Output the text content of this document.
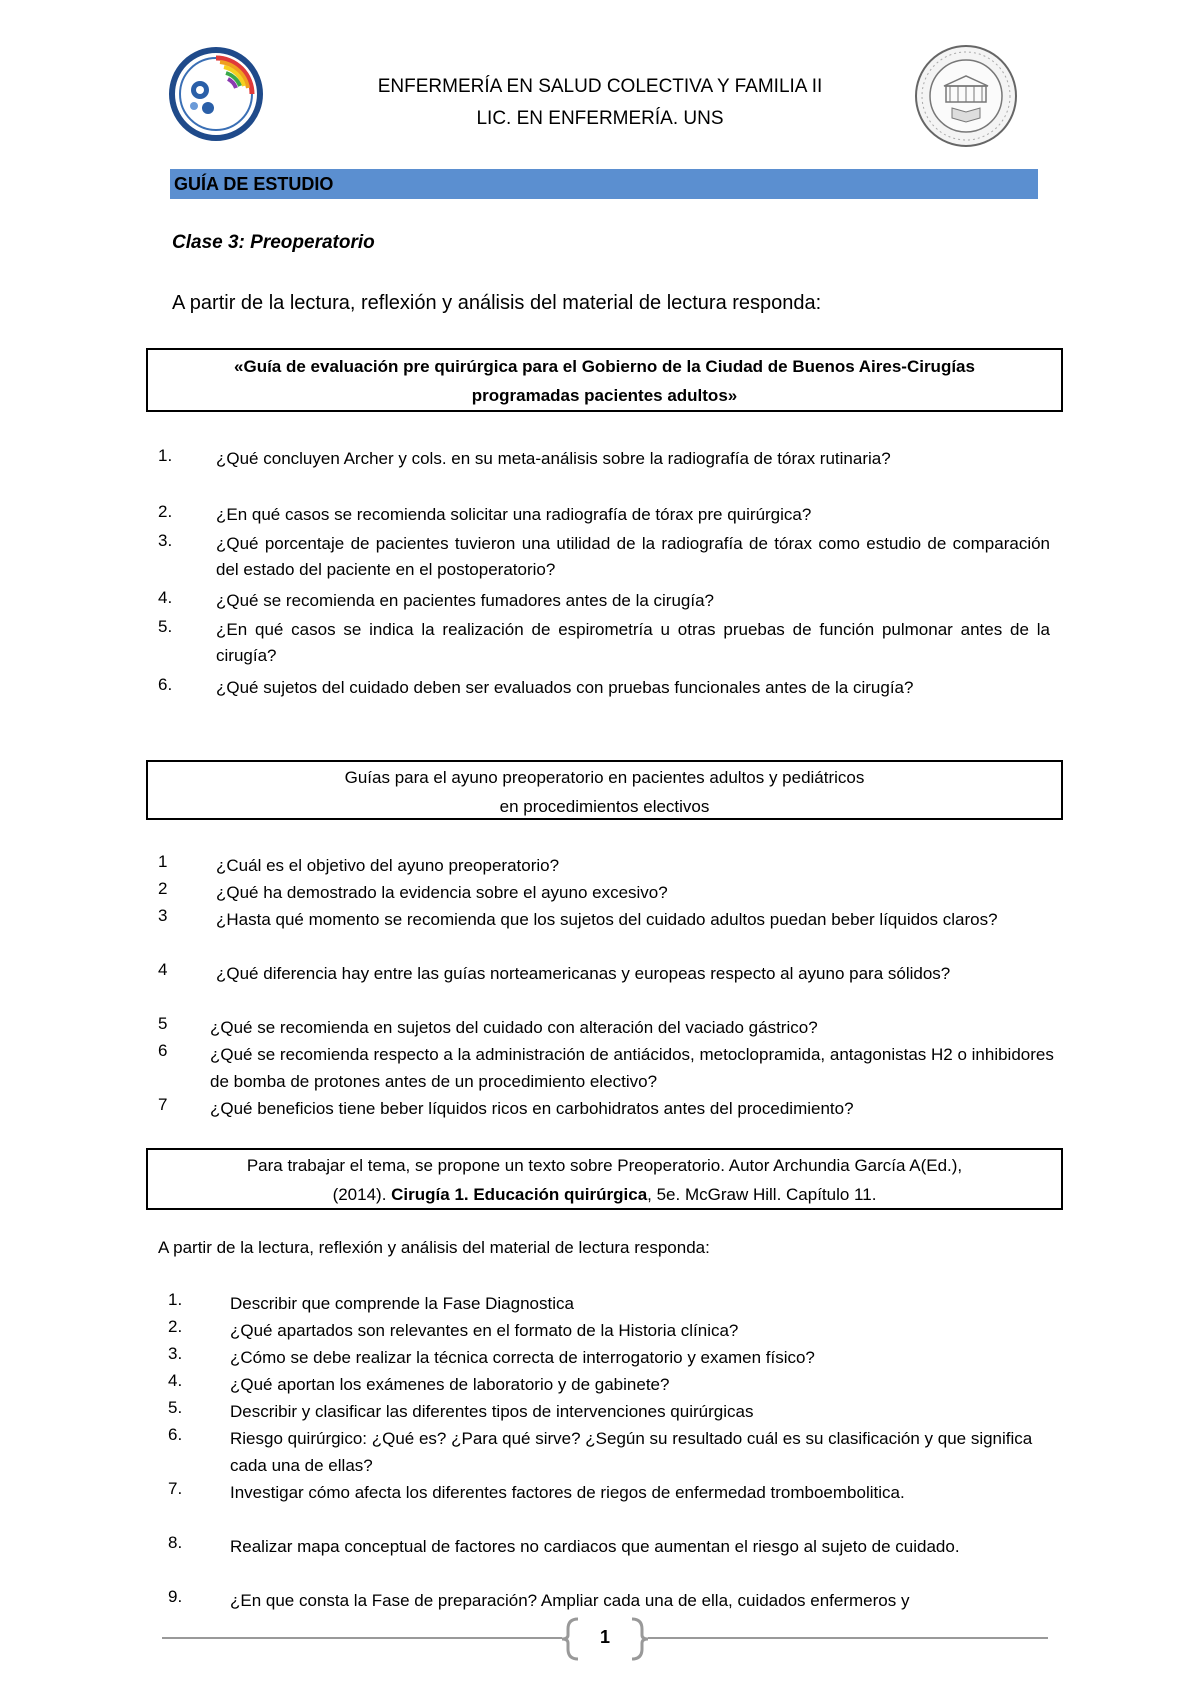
ENFERMERÍA EN SALUD COLECTIVA Y FAMILIA II
LIC. EN ENFERMERÍA. UNS
GUÍA DE ESTUDIO
Clase 3: Preoperatorio
A partir de la lectura, reflexión y análisis del material de lectura responda:
«Guía de evaluación pre quirúrgica para el Gobierno de la Ciudad de Buenos Aires-Cirugías
programadas pacientes adultos»
1.	¿Qué concluyen Archer y cols. en su meta-análisis sobre la radiografía de tórax rutinaria?
2.	¿En qué casos se recomienda solicitar una radiografía de tórax pre quirúrgica?
3.	¿Qué porcentaje de pacientes tuvieron una utilidad de la radiografía de tórax como estudio de comparación del estado del paciente en el postoperatorio?
4.	¿Qué se recomienda en pacientes fumadores antes de la cirugía?
5.	¿En qué casos se indica la realización de espirometría u otras pruebas de función pulmonar antes de la cirugía?
6.	¿Qué sujetos del cuidado deben ser evaluados con pruebas funcionales antes de la cirugía?
Guías para el ayuno preoperatorio en pacientes adultos y pediátricos
en procedimientos electivos
1	¿Cuál es el objetivo del ayuno preoperatorio?
2	¿Qué ha demostrado la evidencia sobre el ayuno excesivo?
3	¿Hasta qué momento se recomienda que los sujetos del cuidado adultos puedan beber líquidos claros?
4	¿Qué diferencia hay entre las guías norteamericanas y europeas respecto al ayuno para sólidos?
5	¿Qué se recomienda en sujetos del cuidado con alteración del vaciado gástrico?
6	¿Qué se recomienda respecto a la administración de antiácidos, metoclopramida, antagonistas H2 o inhibidores de bomba de protones antes de un procedimiento electivo?
7	¿Qué beneficios tiene beber líquidos ricos en carbohidratos antes del procedimiento?
Para trabajar el tema, se propone un texto sobre Preoperatorio. Autor Archundia García A(Ed.),
(2014). Cirugía 1. Educación quirúrgica, 5e. McGraw Hill. Capítulo 11.
A partir de la lectura, reflexión y análisis del material de lectura responda:
1.	Describir que comprende la Fase Diagnostica
2.	¿Qué apartados son relevantes en el formato de la Historia clínica?
3.	¿Cómo se debe realizar la técnica correcta de interrogatorio y examen físico?
4.	¿Qué aportan los exámenes de laboratorio y de gabinete?
5.	Describir y clasificar las diferentes tipos de intervenciones quirúrgicas
6.	Riesgo quirúrgico: ¿Qué es? ¿Para qué sirve? ¿Según su resultado cuál es su clasificación y que significa cada una de ellas?
7.	Investigar cómo afecta los diferentes factores de riegos de enfermedad tromboembolitica.
8.	Realizar mapa conceptual de factores no cardiacos que aumentan el riesgo al sujeto de cuidado.
9.	¿En que consta la Fase de preparación? Ampliar cada una de ella, cuidados enfermeros y
1
